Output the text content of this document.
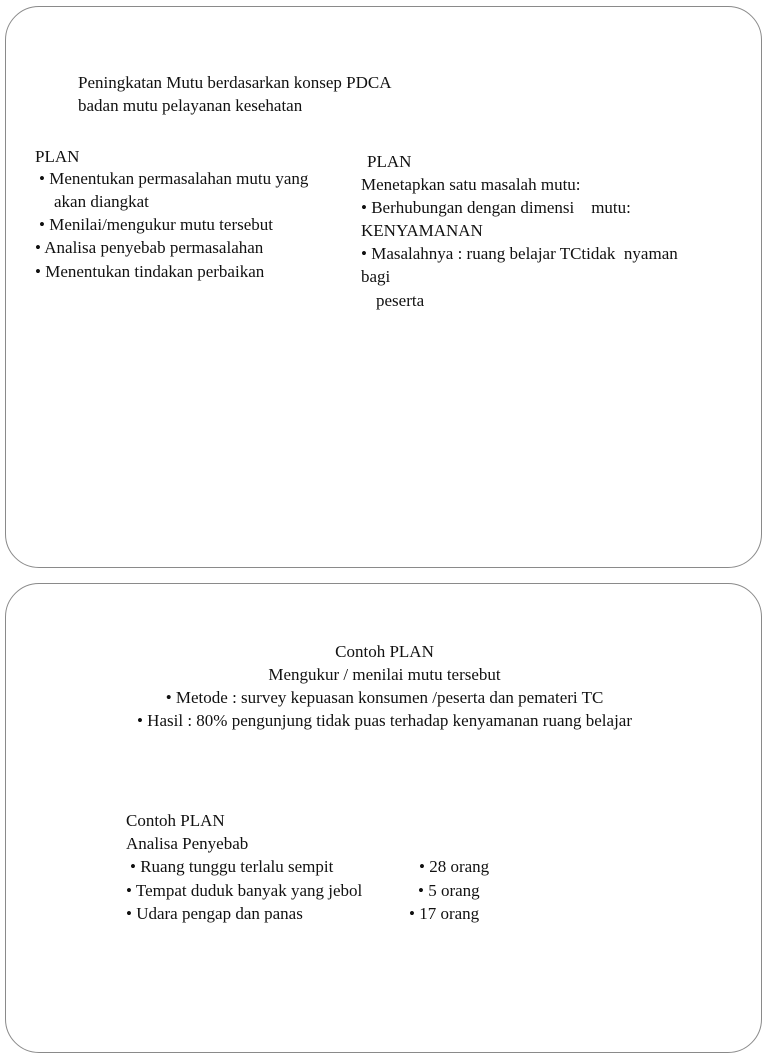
Peningkatan Mutu berdasarkan konsep PDCA
badan mutu pelayanan kesehatan
PLAN
• Menentukan permasalahan mutu yang
akan diangkat
• Menilai/mengukur mutu tersebut
• Analisa penyebab permasalahan
• Menentukan tindakan perbaikan
PLAN
Menetapkan satu masalah mutu:
• Berhubungan dengan dimensi    mutu:
KENYAMANAN
• Masalahnya : ruang belajar TCtidak  nyaman
bagi
peserta
Contoh PLAN
Mengukur / menilai mutu tersebut
• Metode : survey kepuasan konsumen /peserta dan pemateri TC
• Hasil : 80% pengunjung tidak puas terhadap kenyamanan ruang belajar
Contoh PLAN
Analisa Penyebab
• Ruang tunggu terlalu sempit	• 28 orang
• Tempat duduk banyak yang jebol	• 5 orang
• Udara pengap dan panas	• 17 orang
